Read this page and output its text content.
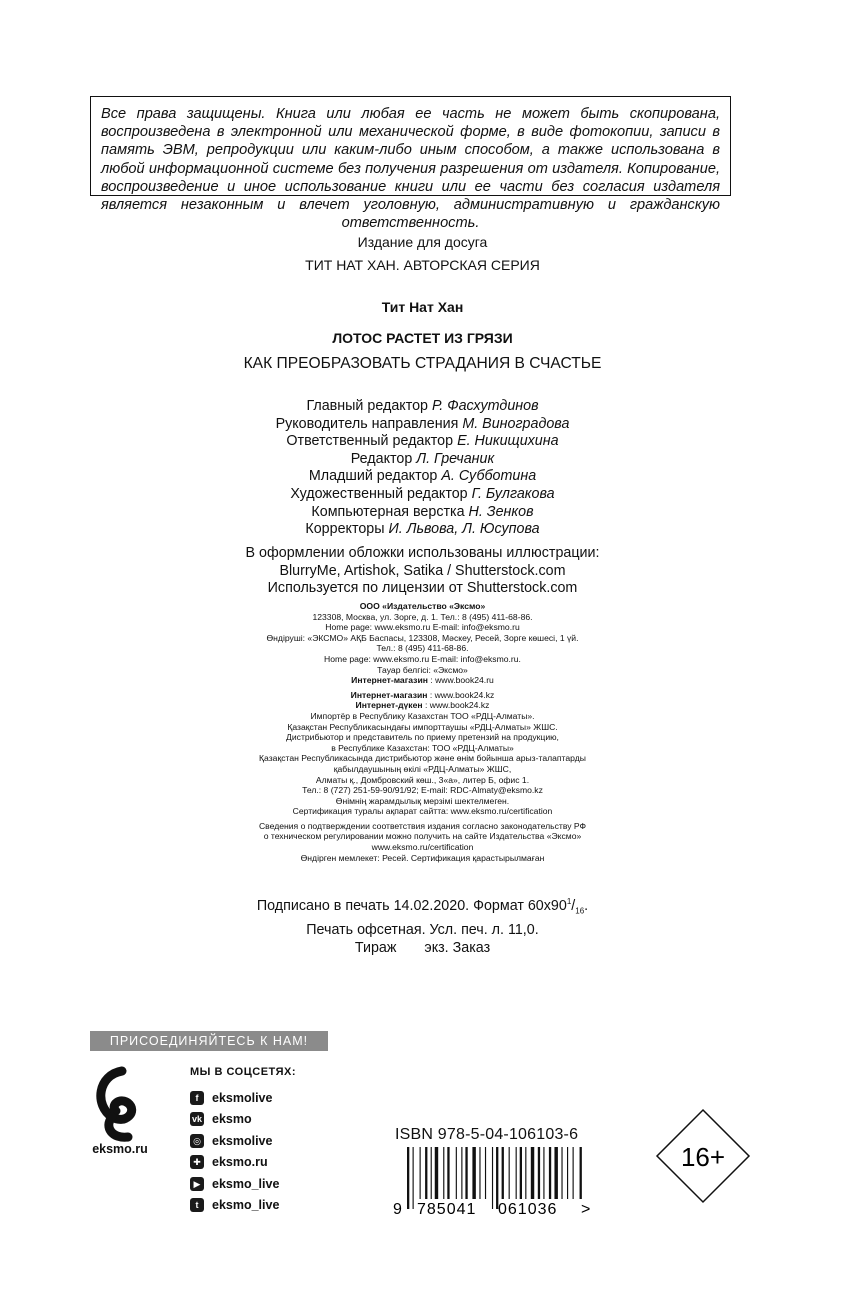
Все права защищены. Книга или любая ее часть не может быть скопирована, воспроизведена в электронной или механической форме, в виде фотокопии, записи в память ЭВМ, репродукции или каким-либо иным способом, а также использована в любой информационной системе без получения разрешения от издателя. Копирование, воспроизведение и иное использование книги или ее части без согласия издателя является незаконным и влечет уголовную, административную и гражданскую ответственность.
Издание для досуга
ТИТ НАТ ХАН. АВТОРСКАЯ СЕРИЯ
Тит Нат Хан
ЛОТОС РАСТЕТ ИЗ ГРЯЗИ
КАК ПРЕОБРАЗОВАТЬ СТРАДАНИЯ В СЧАСТЬЕ
Главный редактор Р. Фасхутдинов
Руководитель направления М. Виноградова
Ответственный редактор Е. Никищихина
Редактор Л. Гречаник
Младший редактор А. Субботина
Художественный редактор Г. Булгакова
Компьютерная верстка Н. Зенков
Корректоры И. Львова, Л. Юсупова
В оформлении обложки использованы иллюстрации:
BlurryMe, Artishok, Satika / Shutterstock.com
Используется по лицензии от Shutterstock.com
ООО «Издательство «Эксмо»
123308, Москва, ул. Зорге, д. 1. Тел.: 8 (495) 411-68-86.
Home page: www.eksmo.ru E-mail: info@eksmo.ru
Өндіруші: «ЭКСМО» АҚБ Баспасы, 123308, Мәскеу, Ресей, Зорге көшесі, 1 үй.
Тел.: 8 (495) 411-68-86.
Home page: www.eksmo.ru E-mail: info@eksmo.ru.
Тауар белгісі: «Эксмо»
Интернет-магазин : www.book24.ru
Интернет-магазин : www.book24.kz
Интернет-дүкен : www.book24.kz
Импортёр в Республику Казахстан ТОО «РДЦ-Алматы».
Қазақстан Республикасындағы импорттаушы «РДЦ-Алматы» ЖШС.
Дистрибьютор и представитель по приему претензий на продукцию,
в Республике Казахстан: ТОО «РДЦ-Алматы»
Қазақстан Республикасында дистрибьютор және өнім бойынша арыз-талаптарды
қабылдаушының өкілі «РДЦ-Алматы» ЖШС,
Алматы қ., Домбровский көш., 3«а», литер Б, офис 1.
Тел.: 8 (727) 251-59-90/91/92; E-mail: RDC-Almaty@eksmo.kz
Өнімнің жарамдылық мерзімі шектелмеген.
Сертификация туралы ақпарат сайтта: www.eksmo.ru/certification
Сведения о подтверждении соответствия издания согласно законодательству РФ
о техническом регулировании можно получить на сайте Издательства «Эксмо»
www.eksmo.ru/certification
Өндірген мемлекет: Ресей. Сертификация қарастырылмаған
Подписано в печать 14.02.2020. Формат $60x90^1/_{16}$.
Печать офсетная. Усл. печ. л. 11,0.
Тираж экз. Заказ
ПРИСОЕДИНЯЙТЕСЬ К НАМ!
eksmo.ru
МЫ В СОЦСЕТЯХ:
f	eksmolive
vk eksmo
◎ eksmolive
✚ eksmo.ru
▶ eksmo_live
t	eksmo_live
ISBN 978-5-04-106103-6
9 785041 061036 >
16+
